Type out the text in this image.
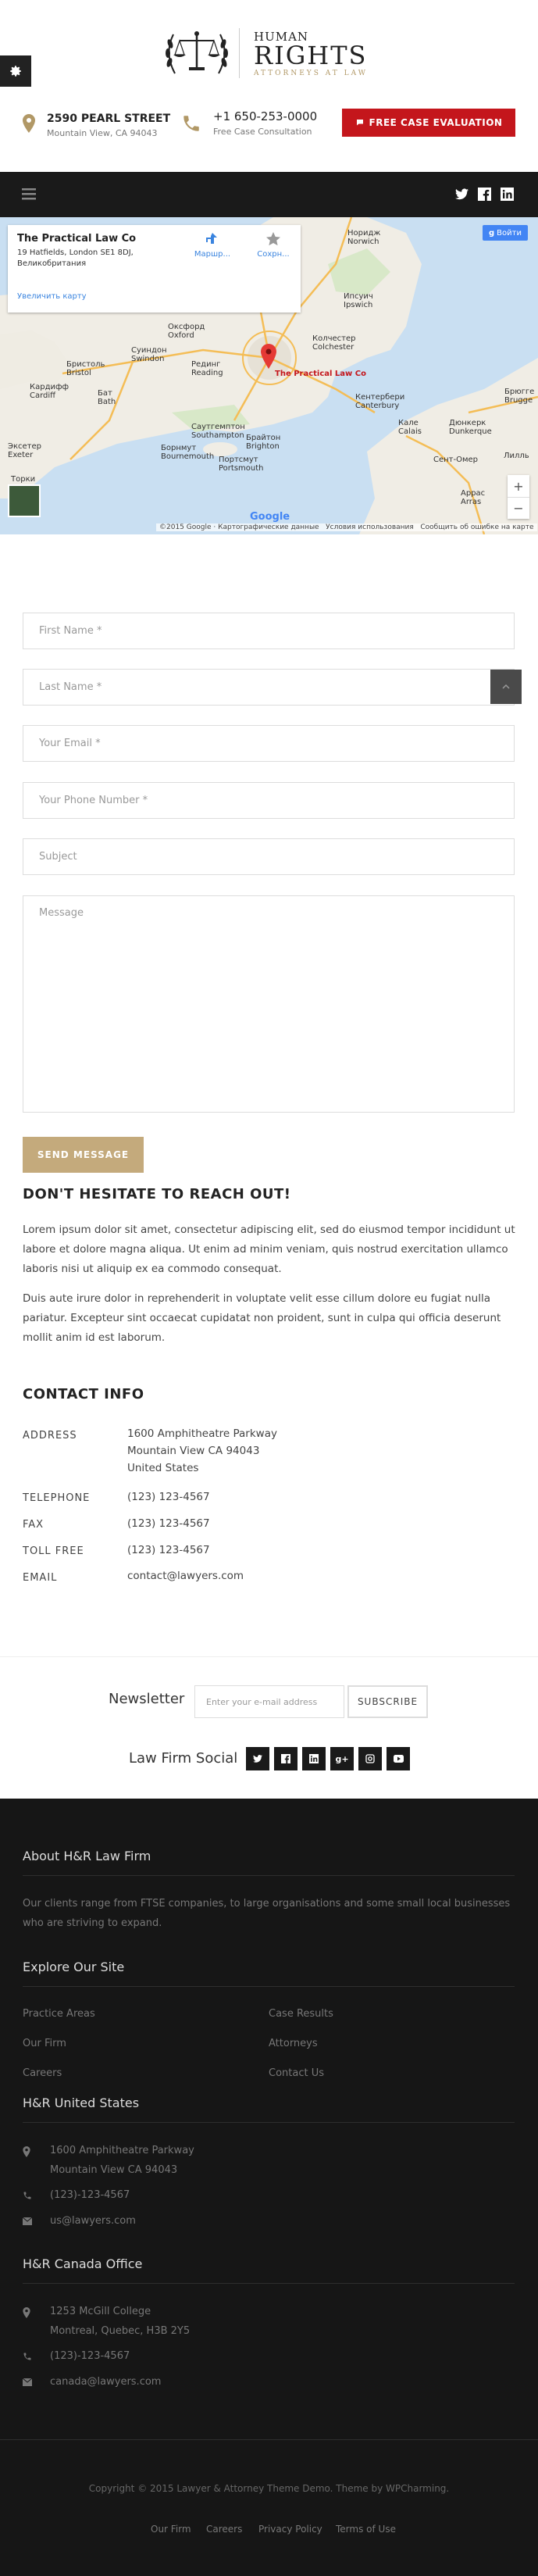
HUMAN
RIGHTS
ATTORNEYS AT LAW
2590 PEARL STREET
Mountain View, CA 94043
+1 650-253-0000
Free Case Consultation
FREE CASE EVALUATION
The Practical Law Co
19 Hatfields, London SE1 8DJ,
Великобритания
Увеличить карту
Маршр...	Сохрн...
g Войти
Норидж
Norwich
Ипсуич
Ipswich
Колчестер
Colchester
Оксфорд
Oxford
Суиндон
Swindon
Рединг
Reading
Бристоль
Bristol
Кардифф
Cardiff	Бат
Bath
Саутгемптон
Southampton Брайтон
Brighton
Борнмут
Bournemouth Портсмут
Portsmouth
Эксетер
Exeter
Торки
Кентербери
Canterbury
Кале
Calais
Дюнкерк
Dunkerque
Брюгге
Brugge
Сент-Омер
Аррас
Arras
Лилль
The Practical Law Co
+
−
Google
©2015 Google · Картографические данные   Условия использования   Сообщить об ошибке на карте
First Name *
Last Name *
Your Email *
Your Phone Number *
Subject
Message
SEND MESSAGE
DON'T HESITATE TO REACH OUT!
Lorem ipsum dolor sit amet, consectetur adipiscing elit, sed do eiusmod tempor incididunt ut labore et dolore magna aliqua. Ut enim ad minim veniam, quis nostrud exercitation ullamco laboris nisi ut aliquip ex ea commodo consequat.
Duis aute irure dolor in reprehenderit in voluptate velit esse cillum dolore eu fugiat nulla pariatur. Excepteur sint occaecat cupidatat non proident, sunt in culpa qui officia deserunt mollit anim id est laborum.
CONTACT INFO
ADDRESS	1600 Amphitheatre Parkway
Mountain View CA 94043
United States
TELEPHONE	(123) 123-4567
FAX	(123) 123-4567
TOLL FREE	(123) 123-4567
EMAIL	contact@lawyers.com
Newsletter	Enter your e-mail address	SUBSCRIBE
Law Firm Social	g+
About H&R Law Firm
Our clients range from FTSE companies, to large organisations and some small local businesses who are striving to expand.
Explore Our Site
Practice Areas
Our Firm
Careers
Case Results
Attorneys
Contact Us
H&R United States
1600 Amphitheatre Parkway
Mountain View CA 94043
(123)-123-4567
us@lawyers.com
H&R Canada Office
1253 McGill College
Montreal, Quebec, H3B 2Y5
(123)-123-4567
canada@lawyers.com
Copyright © 2015 Lawyer & Attorney Theme Demo. Theme by WPCharming.
Our Firm Careers Privacy Policy Terms of Use
